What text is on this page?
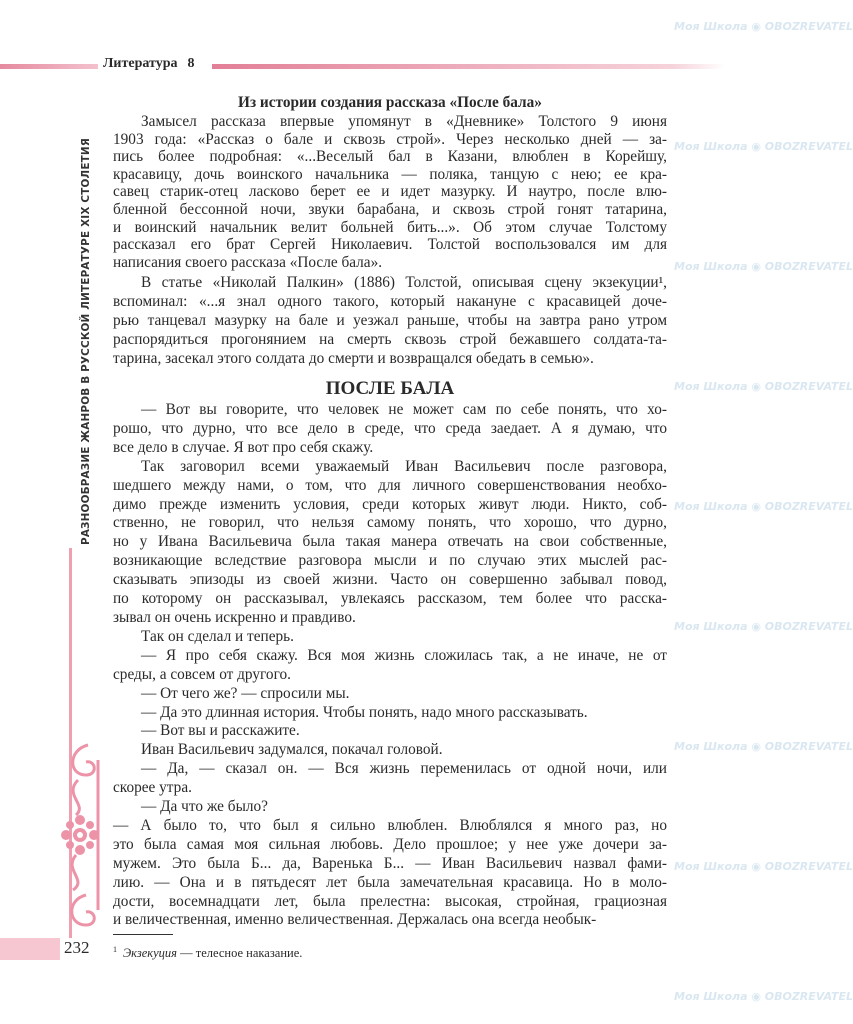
Литература 8
РАЗНООБРАЗИЕ ЖАНРОВ В РУССКОЙ ЛИТЕРАТУРЕ XIX СТОЛЕТИЯ
Моя Школа ◉ OBOZREVATEL
Моя Школа ◉ OBOZREVATEL
Моя Школа ◉ OBOZREVATEL
Моя Школа ◉ OBOZREVATEL
Моя Школа ◉ OBOZREVATEL
Моя Школа ◉ OBOZREVATEL
Моя Школа ◉ OBOZREVATEL
Моя Школа ◉ OBOZREVATEL
Моя Школа ◉ OBOZREVATEL
Из истории создания рассказа «После бала»
Замысел рассказа впервые упомянут в «Дневнике» Толстого 9 июня
1903 года: «Рассказ о бале и сквозь строй». Через несколько дней — за-
пись более подробная: «...Веселый бал в Казани, влюблен в Корейшу,
красавицу, дочь воинского начальника — поляка, танцую с нею; ее кра-
савец старик-отец ласково берет ее и идет мазурку. И наутро, после влю-
бленной бессонной ночи, звуки барабана, и сквозь строй гонят татарина,
и воинский начальник велит больней бить...». Об этом случае Толстому
рассказал его брат Сергей Николаевич. Толстой воспользовался им для
написания своего рассказа «После бала».
В статье «Николай Палкин» (1886) Толстой, описывая сцену экзекуции¹,
вспоминал: «...я знал одного такого, который накануне с красавицей доче-
рью танцевал мазурку на бале и уезжал раньше, чтобы на завтра рано утром
распорядиться прогонянием на смерть сквозь строй бежавшего солдата-та-
тарина, засекал этого солдата до смерти и возвращался обедать в семью».
ПОСЛЕ БАЛА
— Вот вы говорите, что человек не может сам по себе понять, что хо-
рошо, что дурно, что все дело в среде, что среда заедает. А я думаю, что
все дело в случае. Я вот про себя скажу.
Так заговорил всеми уважаемый Иван Васильевич после разговора,
шедшего между нами, о том, что для личного совершенствования необхо-
димо прежде изменить условия, среди которых живут люди. Никто, соб-
ственно, не говорил, что нельзя самому понять, что хорошо, что дурно,
но у Ивана Васильевича была такая манера отвечать на свои собственные,
возникающие вследствие разговора мысли и по случаю этих мыслей рас-
сказывать эпизоды из своей жизни. Часто он совершенно забывал повод,
по которому он рассказывал, увлекаясь рассказом, тем более что расска-
зывал он очень искренно и правдиво.
Так он сделал и теперь.
— Я про себя скажу. Вся моя жизнь сложилась так, а не иначе, не от
среды, а совсем от другого.
— От чего же? — спросили мы.
— Да это длинная история. Чтобы понять, надо много рассказывать.
— Вот вы и расскажите.
Иван Васильевич задумался, покачал головой.
— Да, — сказал он. — Вся жизнь переменилась от одной ночи, или
скорее утра.
— Да что же было?
— А было то, что был я сильно влюблен. Влюблялся я много раз, но
это была самая моя сильная любовь. Дело прошлое; у нее уже дочери за-
мужем. Это была Б... да, Варенька Б... — Иван Васильевич назвал фами-
лию. — Она и в пятьдесят лет была замечательная красавица. Но в моло-
дости, восемнадцати лет, была прелестна: высокая, стройная, грациозная
и величественная, именно величественная. Держалась она всегда необык-
232	$^1$ Экзекуция — телесное наказание.
